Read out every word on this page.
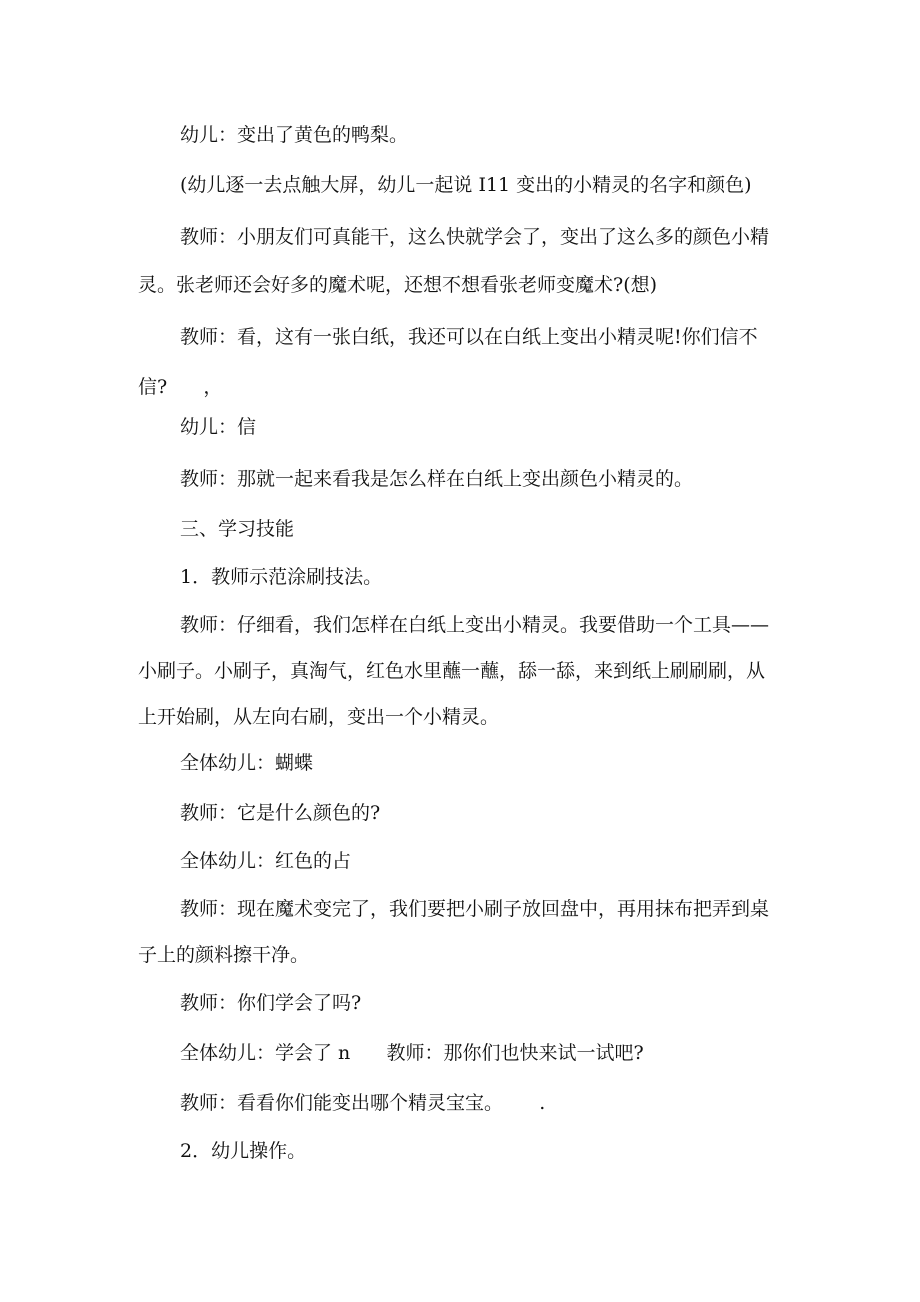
幼儿：变出了黄色的鸭梨。

(幼儿逐一去点触大屏，幼儿一起说 I11 变出的小精灵的名字和颜色)

教师：小朋友们可真能干，这么快就学会了，变出了这么多的颜色小精

灵。张老师还会好多的魔术呢，还想不想看张老师变魔术?(想)

教师：看，这有一张白纸，我还可以在白纸上变出小精灵呢!你们信不

信?      ，

幼儿：信

教师：那就一起来看我是怎么样在白纸上变出颜色小精灵的。

三、学习技能

1．教师示范涂刷技法。

教师：仔细看，我们怎样在白纸上变出小精灵。我要借助一个工具——

小刷子。小刷子，真淘气，红色水里蘸一蘸，舔一舔，来到纸上刷刷刷，从

上开始刷，从左向右刷，变出一个小精灵。

全体幼儿：蝴蝶

教师：它是什么颜色的?

全体幼儿：红色的占

教师：现在魔术变完了，我们要把小刷子放回盘中，再用抹布把弄到桌

子上的颜料擦干净。

教师：你们学会了吗?

全体幼儿：学会了 n      教师：那你们也快来试一试吧?

教师：看看你们能变出哪个精灵宝宝。      .

2．幼儿操作。
